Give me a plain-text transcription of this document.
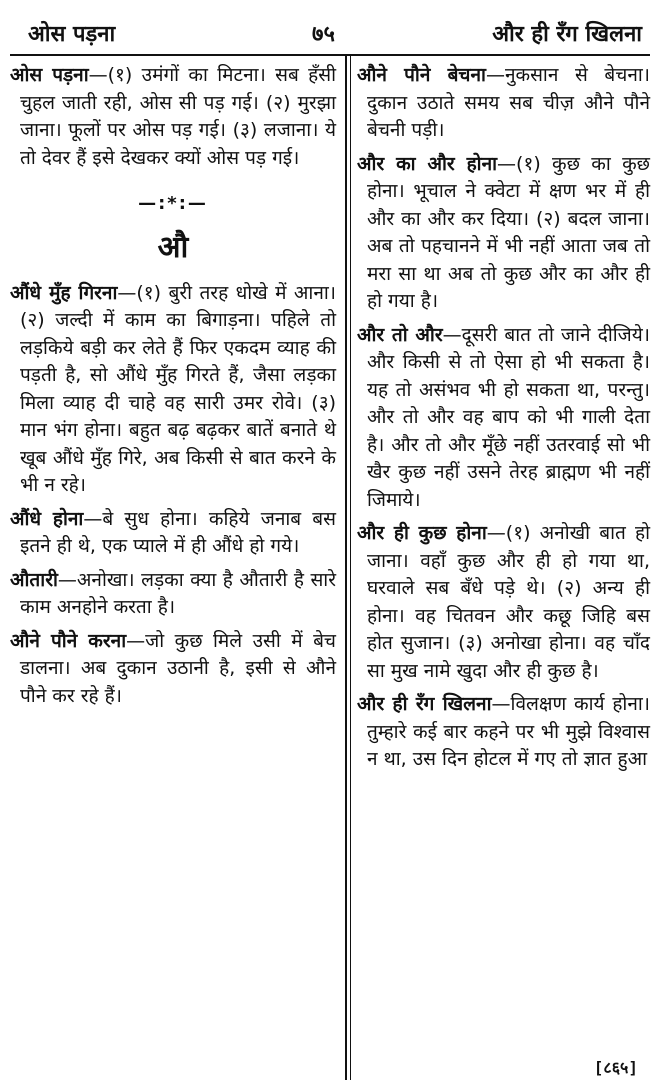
ओस पड़ना	७५	और ही रँग खिलना

ओस पड़ना—(१) उमंगों का मिटना। सब हँसी चुहल जाती रही, ओस सी पड़ गई। (२) मुरझा जाना। फूलों पर ओस पड़ गई। (३) लजाना। ये तो देवर हैं इसे देखकर क्यों ओस पड़ गई।

—:*:—
औ

औंधे मुँह गिरना—(१) बुरी तरह धोखे में आना। (२) जल्दी में काम का बिगाड़ना। पहिले तो लड़किये बड़ी कर लेते हैं फिर एकदम व्याह की पड़ती है, सो औंधे मुँह गिरते हैं, जैसा लड़का मिला व्याह दी चाहे वह सारी उमर रोवे। (३) मान भंग होना। बहुत बढ़ बढ़कर बातें बनाते थे खूब औंधे मुँह गिरे, अब किसी से बात करने के भी न रहे।

औंधे होना—बे सुध होना। कहिये जनाब बस इतने ही थे, एक प्याले में ही औंधे हो गये।

औतारी—अनोखा। लड़का क्या है औतारी है सारे काम अनहोने करता है।

औने पौने करना—जो कुछ मिले उसी में बेच डालना। अब दुकान उठानी है, इसी से औने पौने कर रहे हैं।

औने पौने बेचना—नुकसान से बेचना। दुकान उठाते समय सब चीज़ औने पौने बेचनी पड़ी।

और का और होना—(१) कुछ का कुछ होना। भूचाल ने क्वेटा में क्षण भर में ही और का और कर दिया। (२) बदल जाना। अब तो पहचानने में भी नहीं आता जब तो मरा सा था अब तो कुछ और का और ही हो गया है।

और तो और—दूसरी बात तो जाने दीजिये। और किसी से तो ऐसा हो भी सकता है। यह तो असंभव भी हो सकता था, परन्तु। और तो और वह बाप को भी गाली देता है। और तो और मूँछे नहीं उतरवाई सो भी खैर कुछ नहीं उसने तेरह ब्राह्मण भी नहीं जिमाये।

और ही कुछ होना—(१) अनोखी बात हो जाना। वहाँ कुछ और ही हो गया था, घरवाले सब बँधे पड़े थे। (२) अन्य ही होना। वह चितवन और कछू जिहि बस होत सुजान। (३) अनोखा होना। वह चाँद सा मुख नामे खुदा और ही कुछ है।

और ही रँग खिलना—विलक्षण कार्य होना। तुम्हारे कई बार कहने पर भी मुझे विश्वास न था, उस दिन होटल में गए तो ज्ञात हुआ

[८६५]
